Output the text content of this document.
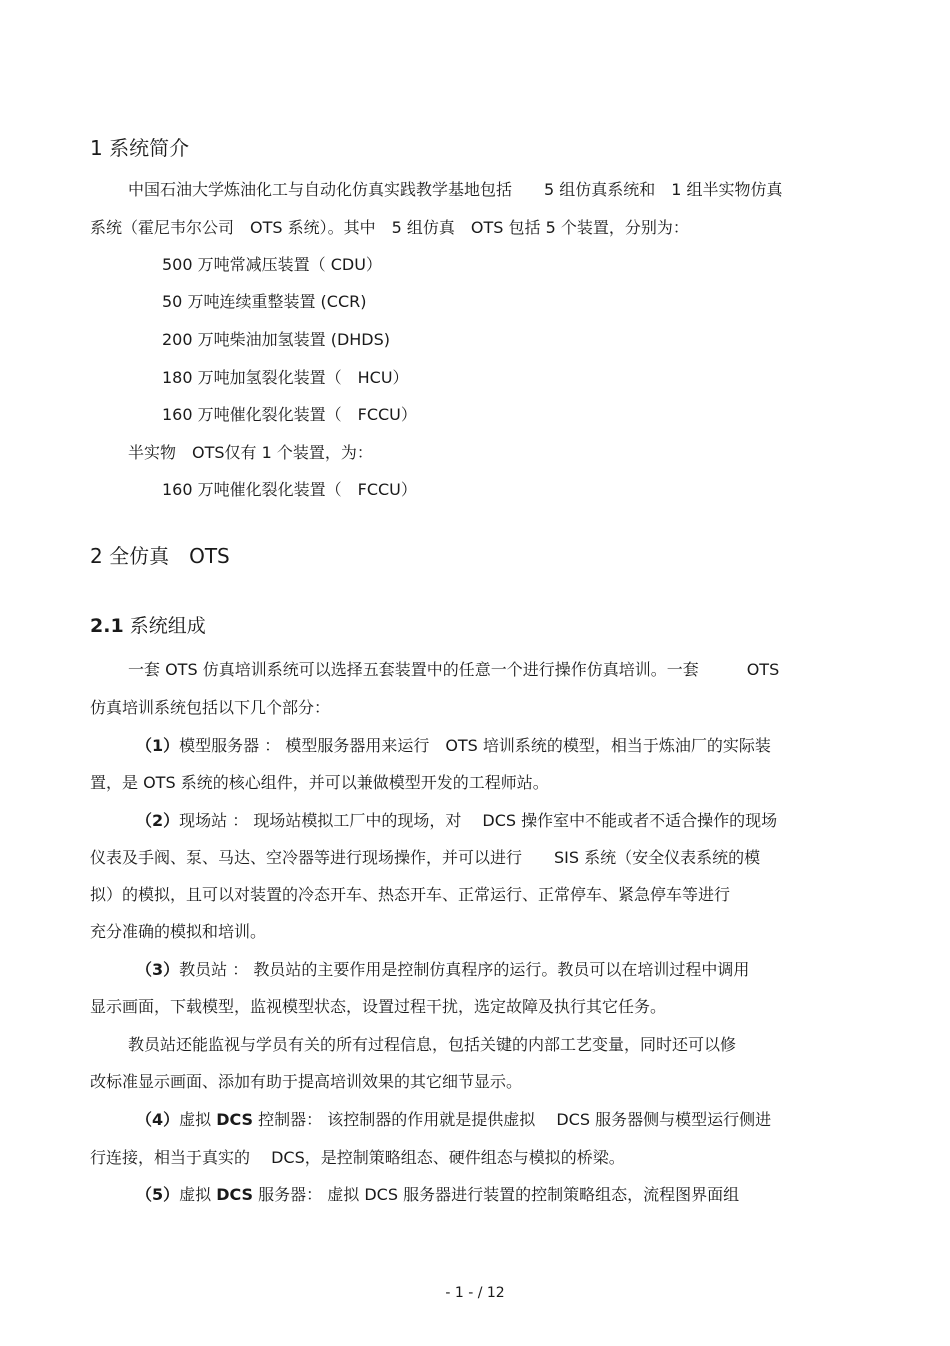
1 系统简介
中国石油大学炼油化工与自动化仿真实践教学基地包括　　5 组仿真系统和　1 组半实物仿真
系统（霍尼韦尔公司　OTS 系统）。其中　5 组仿真　OTS 包括 5 个装置，分别为：
500 万吨常减压装置（ CDU）
50 万吨连续重整装置 (CCR)
200 万吨柴油加氢装置 (DHDS)
180 万吨加氢裂化装置（　HCU）
160 万吨催化裂化装置（　FCCU）
半实物　OTS仅有 1 个装置，为：
160 万吨催化裂化装置（　FCCU）
2 全仿真　OTS
2.1 系统组成
一套 OTS 仿真培训系统可以选择五套装置中的任意一个进行操作仿真培训。一套　　　OTS
仿真培训系统包括以下几个部分：
（1）模型服务器 ： 模型服务器用来运行　OTS 培训系统的模型，相当于炼油厂的实际装
置，是 OTS 系统的核心组件，并可以兼做模型开发的工程师站。
（2）现场站 ： 现场站模拟工厂中的现场，对　 DCS 操作室中不能或者不适合操作的现场
仪表及手阀、泵、马达、空冷器等进行现场操作，并可以进行　　SIS 系统（安全仪表系统的模
拟）的模拟，且可以对装置的冷态开车、热态开车、正常运行、正常停车、紧急停车等进行
充分准确的模拟和培训。
（3）教员站 ： 教员站的主要作用是控制仿真程序的运行。教员可以在培训过程中调用
显示画面，下载模型，监视模型状态，设置过程干扰，选定故障及执行其它任务。
教员站还能监视与学员有关的所有过程信息，包括关键的内部工艺变量，同时还可以修
改标准显示画面、添加有助于提高培训效果的其它细节显示。
（4）虚拟 DCS 控制器： 该控制器的作用就是提供虚拟　 DCS 服务器侧与模型运行侧进
行连接，相当于真实的　 DCS，是控制策略组态、硬件组态与模拟的桥梁。
（5）虚拟 DCS 服务器： 虚拟 DCS 服务器进行装置的控制策略组态，流程图界面组
- 1 - / 12
